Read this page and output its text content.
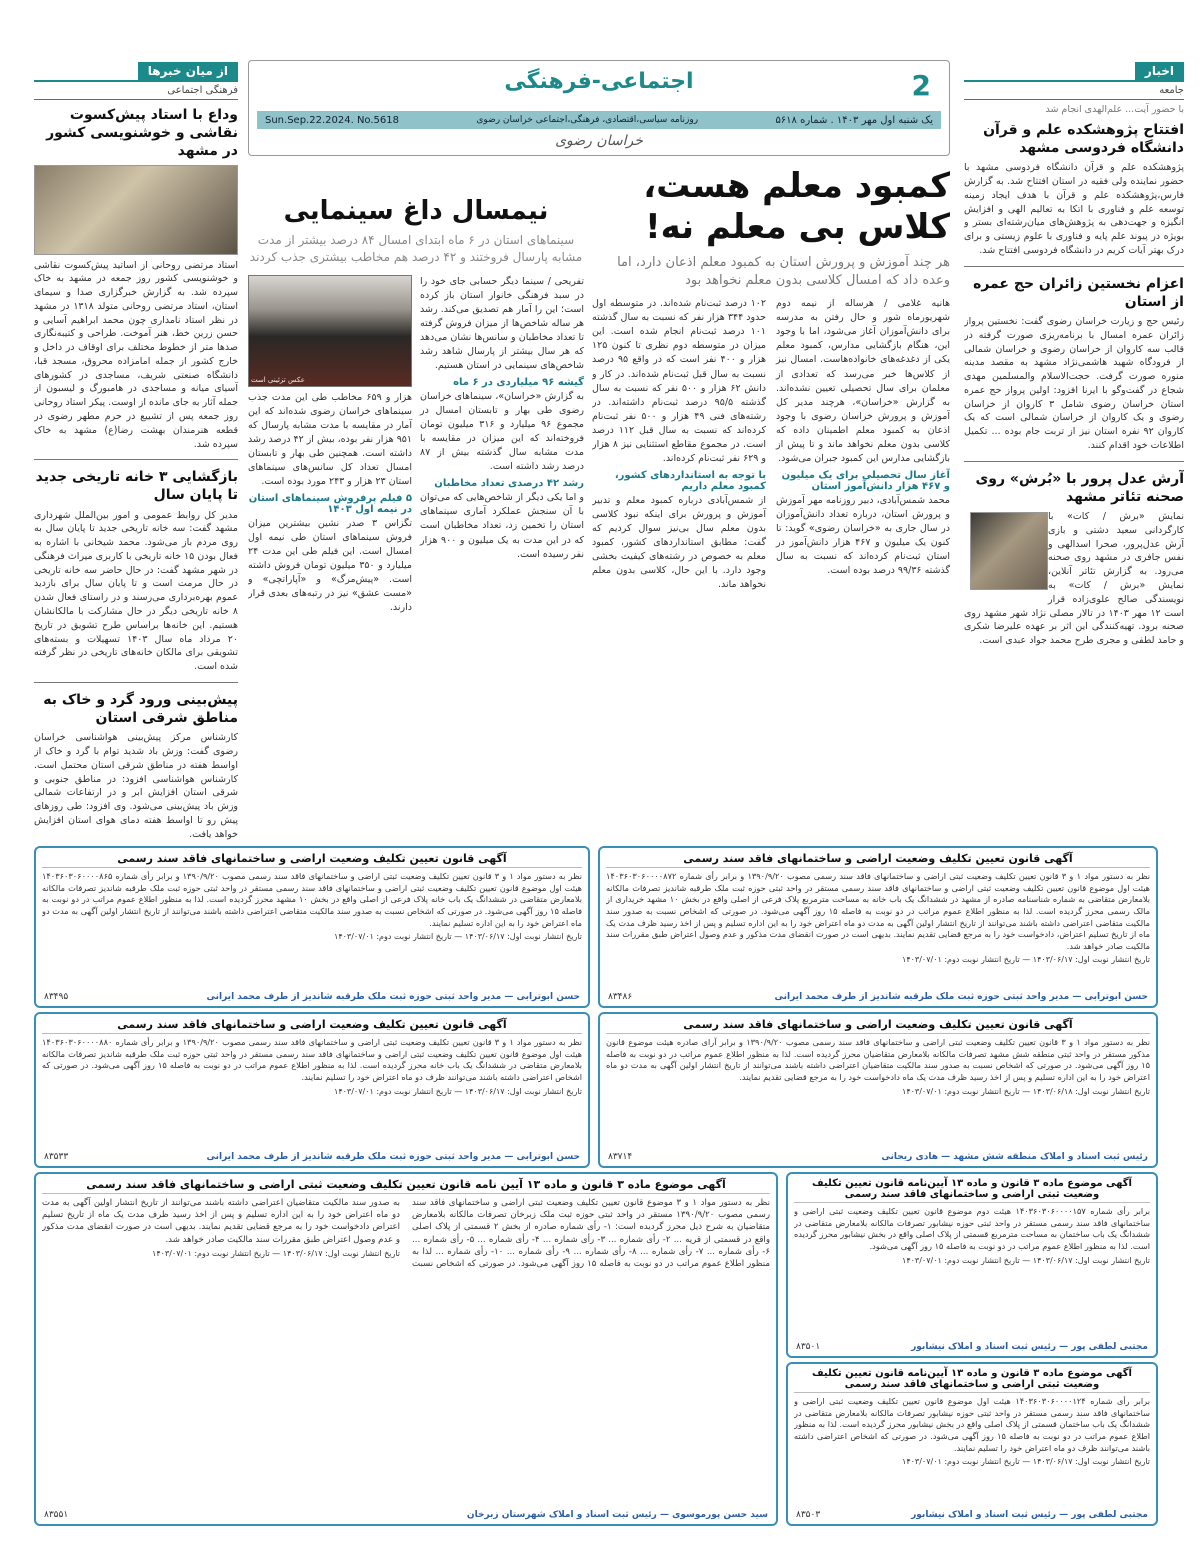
2
اجتماعی-فرهنگی
یک شنبه اول مهر ۱۴۰۳ . شماره ۵۶۱۸
روزنامه سیاسی،اقتصادی، فرهنگی،اجتماعی خراسان رضوی
Sun.Sep.22.2024. No.5618
خراسان رضوی
اخبار
جامعه
با حضور آیت... علم‌الهدی انجام شد
افتتاح پژوهشکده علم و قرآن دانشگاه فردوسی مشهد

پژوهشکده علم و قرآن دانشگاه فردوسی مشهد با حضور نماینده ولی فقیه در استان افتتاح شد. به گزارش فارس،پژوهشکده علم و قرآن با هدف ایجاد زمینه توسعه علم و فناوری با اتکا به تعالیم الهی و افزایش انگیزه و جهت‌دهی به پژوهش‌های میان‌رشته‌ای بستر و بویژه در پیوند علم پایه و فناوری با علوم زیستی و برای درک بهتر آیات کریم در دانشگاه فردوسی افتتاح شد.

اعزام نخستین زائران حج عمره از استان

رئیس حج و زیارت خراسان رضوی گفت: نخستین پرواز زائران عمره امسال با برنامه‌ریزی صورت گرفته در قالب سه کاروان از خراسان رضوی و خراسان شمالی از فرودگاه شهید هاشمی‌نژاد مشهد به مقصد مدینه منوره صورت گرفت. حجت‌الاسلام والمسلمین مهدی شجاع در گفت‌وگو با ایرنا افزود: اولین پرواز حج عمره استان خراسان رضوی شامل ۳ کاروان از خراسان رضوی و یک کاروان از خراسان شمالی است که یک کاروان ۹۲ نفره استان نیز از تربت جام بوده ... تکمیل اطلاعات خود اقدام کنند.

آرش عدل پرور با «بُرش» روی صحنه تئاتر مشهد

نمایش «برش / کات» با کارگردانی سعید دشتی و بازی آرش عدل‌پرور، صحرا اسدالهی و نفس جافری در مشهد روی صحنه می‌رود. به گزارش تئاتر آنلاین، نمایش «برش / کات» به نویسندگی صالح علوی‌زاده قرار است ۱۲ مهر ۱۴۰۳ در تالار مصلی نژاد شهر مشهد روی صحنه برود. تهیه‌کنندگی این اثر بر عهده علیرضا شکری و حامد لطفی و مجری طرح محمد جواد عبدی است.

از میان خبرها
فرهنگی اجتماعی
وداع با استاد پیش‌کسوت نقاشی و خوشنویسی کشور در مشهد

استاد مرتضی روحانی از اساتید پیش‌کسوت نقاشی و خوشنویسی کشور روز جمعه در مشهد به خاک سپرده شد. به گزارش خبرگزاری صدا و سیمای استان، استاد مرتضی روحانی متولد ۱۳۱۸ در مشهد در نظر استاد نامداری چون محمد ابراهیم آسایی و حسن زرین خط، هنر آموخت. طراحی و کتیبه‌نگاری صدها متر از خطوط مختلف برای اوقاف در داخل و خارج کشور از جمله امامزاده محروق، مسجد قبا، دانشگاه صنعتی شریف، مساجدی در کشورهای آسیای میانه و مساجدی در هامبورگ و لیسبون از جمله آثار به جای مانده از اوست. پیکر استاد روحانی روز جمعه پس از تشییع در حرم مطهر رضوی در قطعه هنرمندان بهشت رضا(ع) مشهد به خاک سپرده شد.

بازگشایی ۳ خانه تاریخی جدید تا پایان سال

مدیر کل روابط عمومی و امور بین‌الملل شهرداری مشهد گفت: سه خانه تاریخی جدید تا پایان سال به روی مردم باز می‌شود. محمد شیخانی با اشاره به فعال بودن ۱۵ خانه تاریخی با کاربری میراث فرهنگی در شهر مشهد گفت: در حال حاضر سه خانه تاریخی در حال مرمت است و تا پایان سال برای بازدید عموم بهره‌برداری می‌رسند و در راستای فعال شدن ۸ خانه تاریخی دیگر در حال مشارکت با مالکانشان هستیم. این خانه‌ها براساس طرح تشویق در تاریخ ۲۰ مرداد ماه سال ۱۴۰۳ تسهیلات و بسته‌های تشویقی برای مالکان خانه‌های تاریخی در نظر گرفته شده است.

پیش‌بینی ورود گرد و خاک به مناطق شرقی استان

کارشناس مرکز پیش‌بینی هواشناسی خراسان رضوی گفت: وزش باد شدید توام با گرد و خاک از اواسط هفته در مناطق شرقی استان محتمل است. کارشناس هواشناسی افزود: در مناطق جنوبی و شرقی استان افزایش ابر و در ارتفاعات شمالی وزش باد پیش‌بینی می‌شود. وی افزود: طی روزهای پیش رو تا اواسط هفته دمای هوای استان افزایش خواهد یافت.

کمبود معلم هست،
کلاس بی معلم نه!
هر چند آموزش و پرورش استان به کمبود معلم اذعان دارد، اما وعده داد که امسال کلاسی بدون معلم نخواهد بود

هانیه غلامی / هرساله از نیمه دوم شهریورماه شور و حال رفتن به مدرسه برای دانش‌آموزان آغاز می‌شود، اما با وجود این، هنگام بازگشایی مدارس، کمبود معلم یکی از دغدغه‌های خانواده‌هاست. امسال نیز از کلاس‌ها خبر می‌رسد که تعدادی از معلمان برای سال تحصیلی تعیین نشده‌اند. به گزارش «خراسان»، هرچند مدیر کل آموزش و پرورش خراسان رضوی با وجود اذعان به کمبود معلم اطمینان داده که کلاسی بدون معلم نخواهد ماند و تا پیش از بازگشایی مدارس این کمبود جبران می‌شود.

آغاز سال تحصیلی برای یک میلیون و ۴۶۷ هزار دانش‌آموز استان

محمد شمس‌آبادی، دبیر روزنامه مهر آموزش و پرورش استان، درباره تعداد دانش‌آموزان در سال جاری به «خراسان رضوی» گوید: تا کنون یک میلیون و ۴۶۷ هزار دانش‌آموز در استان ثبت‌نام کرده‌اند که نسبت به سال گذشته ۹۹/۳۶ درصد بوده است.

۱۰۲ درصد ثبت‌نام شده‌اند. در متوسطه اول حدود ۳۴۴ هزار نفر که نسبت به سال گذشته ۱۰۱ درصد ثبت‌نام انجام شده است. این میزان در متوسطه دوم نظری تا کنون ۱۲۵ هزار و ۴۰۰ نفر است که در واقع ۹۵ درصد نسبت به سال قبل ثبت‌نام شده‌اند. در کار و دانش ۶۲ هزار و ۵۰۰ نفر که نسبت به سال گذشته ۹۵/۵ درصد ثبت‌نام داشته‌اند. در رشته‌های فنی ۴۹ هزار و ۵۰۰ نفر ثبت‌نام کرده‌اند که نسبت به سال قبل ۱۱۲ درصد است. در مجموع مقاطع استثنایی نیز ۸ هزار و ۶۲۹ نفر ثبت‌نام کرده‌اند.

با توجه به استانداردهای کشور، کمبود معلم داریم

از شمس‌آبادی درباره کمبود معلم و تدبیر آموزش و پرورش برای اینکه نبود کلاسی بدون معلم سال بی‌نیز سوال کردیم که گفت: مطابق استانداردهای کشور، کمبود معلم به خصوص در رشته‌های کیفیت بخشی وجود دارد. با این حال، کلاسی بدون معلم نخواهد ماند.

نیمسال داغ سینمایی
سینماهای استان در ۶ ماه ابتدای امسال ۸۴ درصد بیشتر از مدت مشابه پارسال فروختند و ۴۲ درصد هم مخاطب بیشتری جذب کردند

تفریحی / سینما دیگر حسابی جای خود را در سبد فرهنگی خانوار استان باز کرده است؛ این را آمار هم تصدیق می‌کند. رشد هر ساله شاخص‌ها از میزان فروش گرفته تا تعداد مخاطبان و سانس‌ها نشان می‌دهد که هر سال بیشتر از پارسال شاهد رشد شاخص‌های سینمایی در استان هستیم.

گیشه ۹۶ میلیاردی در ۶ ماه

به گزارش «خراسان»، سینماهای خراسان رضوی طی بهار و تابستان امسال در مجموع ۹۶ میلیارد و ۳۱۶ میلیون تومان فروخته‌اند که این میزان در مقایسه با مدت مشابه سال گذشته بیش از ۸۷ درصد رشد داشته است.

رشد ۴۲ درصدی تعداد مخاطبان

و اما یکی دیگر از شاخص‌هایی که می‌توان با آن سنجش عملکرد آماری سینماهای استان را تخمین زد، تعداد مخاطبان است که در این مدت به یک میلیون و ۹۰۰ هزار نفر رسیده است.

عکس تزئینی است

هزار و ۶۵۹ مخاطب طی این مدت جذب سینماهای خراسان رضوی شده‌اند که این آمار در مقایسه با مدت مشابه پارسال که ۹۵۱ هزار نفر بوده، بیش از ۴۲ درصد رشد داشته است. همچنین طی بهار و تابستان امسال تعداد کل سانس‌های سینماهای استان ۲۳ هزار و ۲۴۳ مورد بوده است.

۵ فیلم پرفروش سینماهای استان در نیمه اول ۱۴۰۳

تگزاس ۳ صدر نشین بیشترین میزان فروش سینماهای استان طی نیمه اول امسال است. این فیلم طی این مدت ۲۴ میلیارد و ۳۵۰ میلیون تومان فروش داشته است. «پیش‌مرگ» و «آپاراتچی» و «مست عشق» نیز در رتبه‌های بعدی قرار دارند.

آگهی قانون تعیین تکلیف وضعیت اراضی و ساختمانهای فاقد سند رسمی
نظر به دستور مواد ۱ و ۳ قانون تعیین تکلیف وضعیت ثبتی اراضی و ساختمانهای فاقد سند رسمی مصوب ۱۳۹۰/۹/۲۰ و برابر رأی شماره ۱۴۰۳۶۰۳۰۶۰۰۰۰۸۷۲ هیئت اول موضوع قانون تعیین تکلیف وضعیت ثبتی اراضی و ساختمانهای فاقد سند رسمی مستقر در واحد ثبتی حوزه ثبت ملک طرقبه شاندیز تصرفات مالکانه بلامعارض متقاضی به شماره شناسنامه صادره از مشهد در ششدانگ یک باب خانه به مساحت مترمربع پلاک فرعی از اصلی واقع در بخش ۱۰ مشهد خریداری از مالک رسمی محرز گردیده است. لذا به منظور اطلاع عموم مراتب در دو نوبت به فاصله ۱۵ روز آگهی می‌شود. در صورتی که اشخاص نسبت به صدور سند مالکیت متقاضی اعتراضی داشته باشند می‌توانند از تاریخ انتشار اولین آگهی به مدت دو ماه اعتراض خود را به این اداره تسلیم و پس از اخذ رسید ظرف مدت یک ماه از تاریخ تسلیم اعتراض، دادخواست خود را به مرجع قضایی تقدیم نمایند. بدیهی است در صورت انقضای مدت مذکور و عدم وصول اعتراض طبق مقررات سند مالکیت صادر خواهد شد.
تاریخ انتشار نوبت اول: ۱۴۰۳/۰۶/۱۷ — تاریخ انتشار نوبت دوم: ۱۴۰۳/۰۷/۰۱
حسن ابوترابی — مدیر واحد ثبتی حوزه ثبت ملک طرقبه شاندیز از طرف محمد ایرانی
۸۳۴۸۶
آگهی قانون تعیین تکلیف وضعیت اراضی و ساختمانهای فاقد سند رسمی
نظر به دستور مواد ۱ و ۳ قانون تعیین تکلیف وضعیت ثبتی اراضی و ساختمانهای فاقد سند رسمی مصوب ۱۳۹۰/۹/۲۰ و برابر رأی شماره ۱۴۰۳۶۰۳۰۶۰۰۰۰۸۶۵ هیئت اول موضوع قانون تعیین تکلیف وضعیت ثبتی اراضی و ساختمانهای فاقد سند رسمی مستقر در واحد ثبتی حوزه ثبت ملک طرقبه شاندیز تصرفات مالکانه بلامعارض متقاضی در ششدانگ یک باب خانه پلاک فرعی از اصلی واقع در بخش ۱۰ مشهد محرز گردیده است. لذا به منظور اطلاع عموم مراتب در دو نوبت به فاصله ۱۵ روز آگهی می‌شود. در صورتی که اشخاص نسبت به صدور سند مالکیت متقاضی اعتراضی داشته باشند می‌توانند از تاریخ انتشار اولین آگهی به مدت دو ماه اعتراض خود را به این اداره تسلیم نمایند.
تاریخ انتشار نوبت اول: ۱۴۰۳/۰۶/۱۷ — تاریخ انتشار نوبت دوم: ۱۴۰۳/۰۷/۰۱
حسن ابوترابی — مدیر واحد ثبتی حوزه ثبت ملک طرقبه شاندیز از طرف محمد ایرانی
۸۳۴۹۵
آگهی قانون تعیین تکلیف وضعیت اراضی و ساختمانهای فاقد سند رسمی
نظر به دستور مواد ۱ و ۳ قانون تعیین تکلیف وضعیت ثبتی اراضی و ساختمانهای فاقد سند رسمی مصوب ۱۳۹۰/۹/۲۰ و برابر آرای صادره هیئت موضوع قانون مذکور مستقر در واحد ثبتی منطقه شش مشهد تصرفات مالکانه بلامعارض متقاضیان محرز گردیده است. لذا به منظور اطلاع عموم مراتب در دو نوبت به فاصله ۱۵ روز آگهی می‌شود. در صورتی که اشخاص نسبت به صدور سند مالکیت متقاضیان اعتراضی داشته باشند می‌توانند از تاریخ انتشار اولین آگهی به مدت دو ماه اعتراض خود را به این اداره تسلیم و پس از اخذ رسید ظرف مدت یک ماه دادخواست خود را به مرجع قضایی تقدیم نمایند.
تاریخ انتشار نوبت اول: ۱۴۰۳/۰۶/۱۸ — تاریخ انتشار نوبت دوم: ۱۴۰۳/۰۷/۰۱
رئیس ثبت اسناد و املاک منطقه شش مشهد — هادی ریحانی
۸۳۷۱۴
آگهی قانون تعیین تکلیف وضعیت اراضی و ساختمانهای فاقد سند رسمی
نظر به دستور مواد ۱ و ۳ قانون تعیین تکلیف وضعیت ثبتی اراضی و ساختمانهای فاقد سند رسمی مصوب ۱۳۹۰/۹/۲۰ و برابر رأی شماره ۱۴۰۳۶۰۳۰۶۰۰۰۰۸۸۰ هیئت اول موضوع قانون تعیین تکلیف وضعیت ثبتی اراضی و ساختمانهای فاقد سند رسمی مستقر در واحد ثبتی حوزه ثبت ملک طرقبه شاندیز تصرفات مالکانه بلامعارض متقاضی در ششدانگ یک باب خانه محرز گردیده است. لذا به منظور اطلاع عموم مراتب در دو نوبت به فاصله ۱۵ روز آگهی می‌شود. در صورتی که اشخاص اعتراضی داشته باشند می‌توانند ظرف دو ماه اعتراض خود را تسلیم نمایند.
تاریخ انتشار نوبت اول: ۱۴۰۳/۰۶/۱۷ — تاریخ انتشار نوبت دوم: ۱۴۰۳/۰۷/۰۱
حسن ابوترابی — مدیر واحد ثبتی حوزه ثبت ملک طرقبه شاندیز از طرف محمد ایرانی
۸۳۵۳۳
آگهی موضوع ماده ۳ قانون و ماده ۱۳ آیین‌نامه قانون تعیین تکلیف وضعیت ثبتی اراضی و ساختمانهای فاقد سند رسمی
برابر رأی شماره ۱۴۰۳۶۰۳۰۶۰۰۰۰۱۵۷ هیئت دوم موضوع قانون تعیین تکلیف وضعیت ثبتی اراضی و ساختمانهای فاقد سند رسمی مستقر در واحد ثبتی حوزه نیشابور تصرفات مالکانه بلامعارض متقاضی در ششدانگ یک باب ساختمان به مساحت مترمربع قسمتی از پلاک اصلی واقع در بخش نیشابور محرز گردیده است. لذا به منظور اطلاع عموم مراتب در دو نوبت به فاصله ۱۵ روز آگهی می‌شود.
تاریخ انتشار نوبت اول: ۱۴۰۳/۰۶/۱۷ — تاریخ انتشار نوبت دوم: ۱۴۰۳/۰۷/۰۱
مجتبی لطفی پور — رئیس ثبت اسناد و املاک نیشابور
۸۳۵۰۱
آگهی موضوع ماده ۳ قانون و ماده ۱۳ آیین‌نامه قانون تعیین تکلیف وضعیت ثبتی اراضی و ساختمانهای فاقد سند رسمی
برابر رأی شماره ۱۴۰۳۶۰۳۰۶۰۰۰۰۱۲۴ هیئت اول موضوع قانون تعیین تکلیف وضعیت ثبتی اراضی و ساختمانهای فاقد سند رسمی مستقر در واحد ثبتی حوزه نیشابور تصرفات مالکانه بلامعارض متقاضی در ششدانگ یک باب ساختمان قسمتی از پلاک اصلی واقع در بخش نیشابور محرز گردیده است. لذا به منظور اطلاع عموم مراتب در دو نوبت به فاصله ۱۵ روز آگهی می‌شود. در صورتی که اشخاص اعتراضی داشته باشند می‌توانند ظرف دو ماه اعتراض خود را تسلیم نمایند.
تاریخ انتشار نوبت اول: ۱۴۰۳/۰۶/۱۷ — تاریخ انتشار نوبت دوم: ۱۴۰۳/۰۷/۰۱
مجتبی لطفی پور — رئیس ثبت اسناد و املاک نیشابور
۸۳۵۰۳
آگهی موضوع ماده ۳ قانون و ماده ۱۳ آیین نامه قانون تعیین تکلیف وضعیت ثبتی اراضی و ساختمانهای فاقد سند رسمی
نظر به دستور مواد ۱ و ۳ موضوع قانون تعیین تکلیف وضعیت ثبتی اراضی و ساختمانهای فاقد سند رسمی مصوب ۱۳۹۰/۹/۲۰ مستقر در واحد ثبتی حوزه ثبت ملک زبرخان تصرفات مالکانه بلامعارض متقاضیان به شرح ذیل محرز گردیده است: ۱- رأی شماره صادره از بخش ۲ قسمتی از پلاک اصلی واقع در قسمتی از قریه ... ۲- رأی شماره ... ۳- رأی شماره ... ۴- رأی شماره ... ۵- رأی شماره ... ۶- رأی شماره ... ۷- رأی شماره ... ۸- رأی شماره ... ۹- رأی شماره ... ۱۰- رأی شماره ... لذا به منظور اطلاع عموم مراتب در دو نوبت به فاصله ۱۵ روز آگهی می‌شود. در صورتی که اشخاص نسبت به صدور سند مالکیت متقاضیان اعتراضی داشته باشند می‌توانند از تاریخ انتشار اولین آگهی به مدت دو ماه اعتراض خود را به این اداره تسلیم و پس از اخذ رسید ظرف مدت یک ماه از تاریخ تسلیم اعتراض دادخواست خود را به مرجع قضایی تقدیم نمایند. بدیهی است در صورت انقضای مدت مذکور و عدم وصول اعتراض طبق مقررات سند مالکیت صادر خواهد شد.
تاریخ انتشار نوبت اول: ۱۴۰۳/۰۶/۱۷ — تاریخ انتشار نوبت دوم: ۱۴۰۳/۰۷/۰۱
سید حسن پورموسوی — رئیس ثبت اسناد و املاک شهرستان زبرخان
۸۳۵۵۱
